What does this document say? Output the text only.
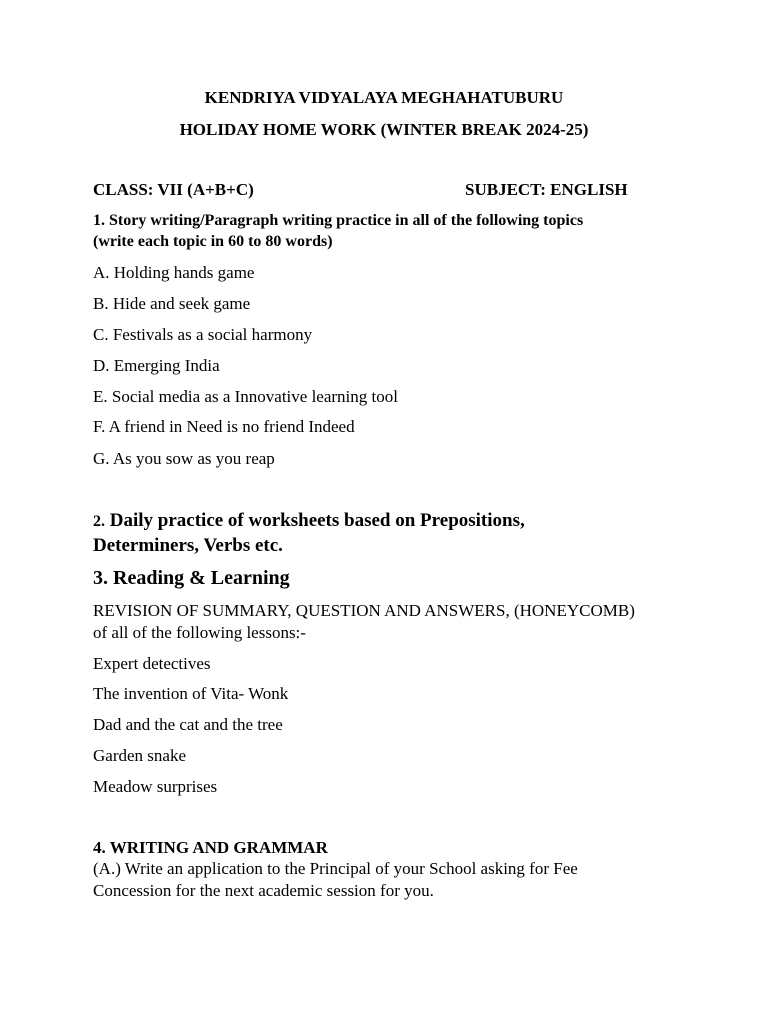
KENDRIYA VIDYALAYA MEGHAHATUBURU
HOLIDAY HOME WORK (WINTER BREAK 2024-25)
CLASS: VII (A+B+C)	SUBJECT: ENGLISH
1. Story writing/Paragraph writing practice in all of the following topics
(write each topic in 60 to 80 words)
A. Holding hands game
B. Hide and seek game
C. Festivals as a social harmony
D. Emerging India
E. Social media as a Innovative learning tool
F. A friend in Need is no friend Indeed
G. As you sow as you reap
2. Daily practice of worksheets based on Prepositions,
Determiners, Verbs etc.
3. Reading & Learning
REVISION OF SUMMARY, QUESTION AND ANSWERS, (HONEYCOMB)
of all of the following lessons:-
Expert detectives
The invention of Vita- Wonk
Dad and the cat and the tree
Garden snake
Meadow surprises
4. WRITING AND GRAMMAR
(A.) Write an application to the Principal of your School asking for Fee
Concession for the next academic session for you.
